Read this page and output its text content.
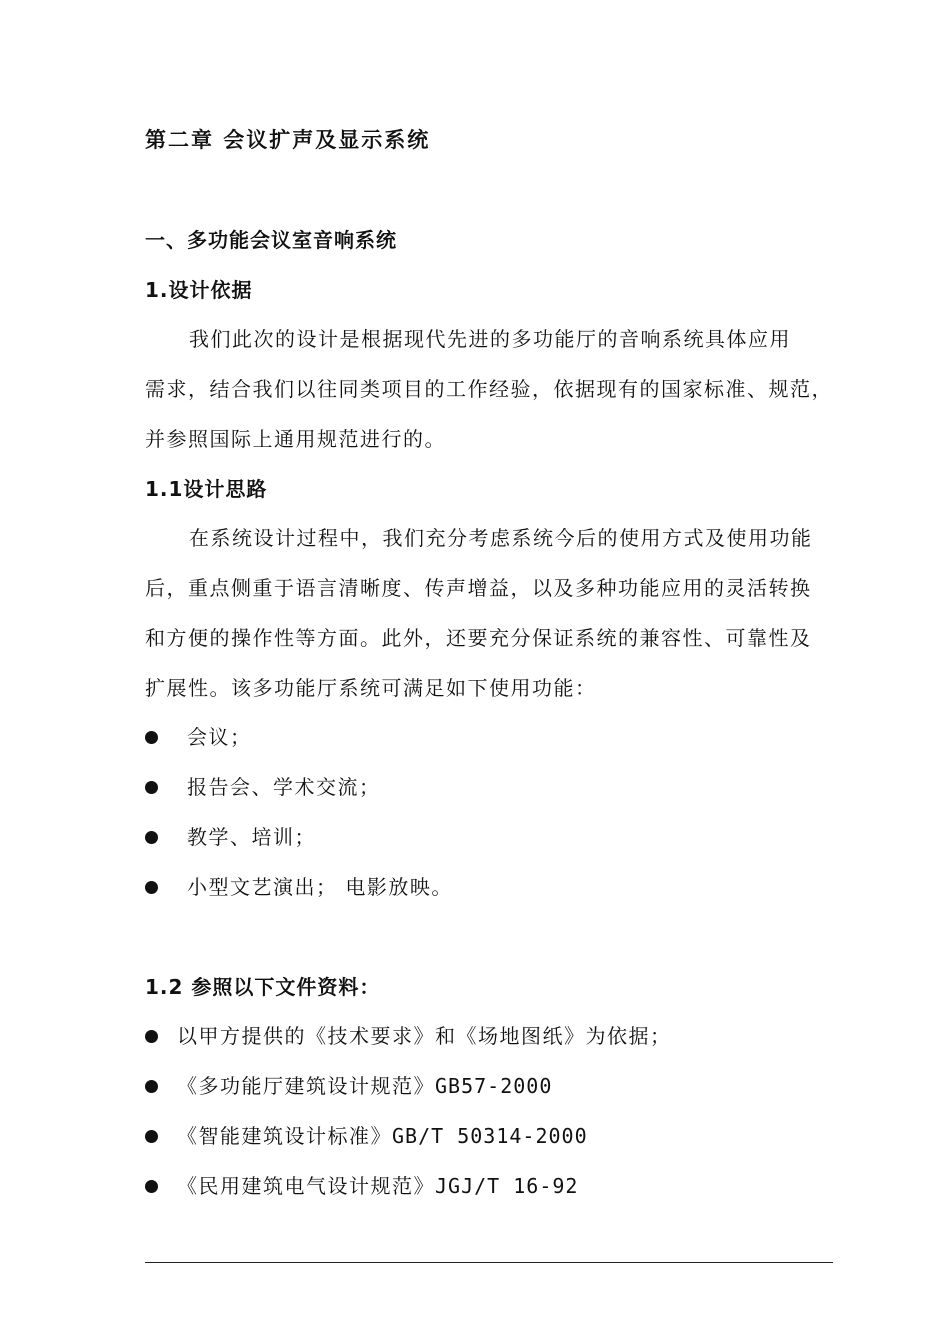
第二章 会议扩声及显示系统
一、多功能会议室音响系统
1.设计依据
我们此次的设计是根据现代先进的多功能厅的音响系统具体应用
需求，结合我们以往同类项目的工作经验，依据现有的国家标准、规范，
并参照国际上通用规范进行的。
1.1设计思路
在系统设计过程中，我们充分考虑系统今后的使用方式及使用功能
后，重点侧重于语言清晰度、传声增益，以及多种功能应用的灵活转换
和方便的操作性等方面。此外，还要充分保证系统的兼容性、可靠性及
扩展性。该多功能厅系统可满足如下使用功能：
会议；
报告会、学术交流；
教学、培训；
小型文艺演出； 电影放映。
1.2 参照以下文件资料：
以甲方提供的《技术要求》和《场地图纸》为依据；
《多功能厅建筑设计规范》GB57-2000
《智能建筑设计标准》GB/T 50314-2000
《民用建筑电气设计规范》JGJ/T 16-92
